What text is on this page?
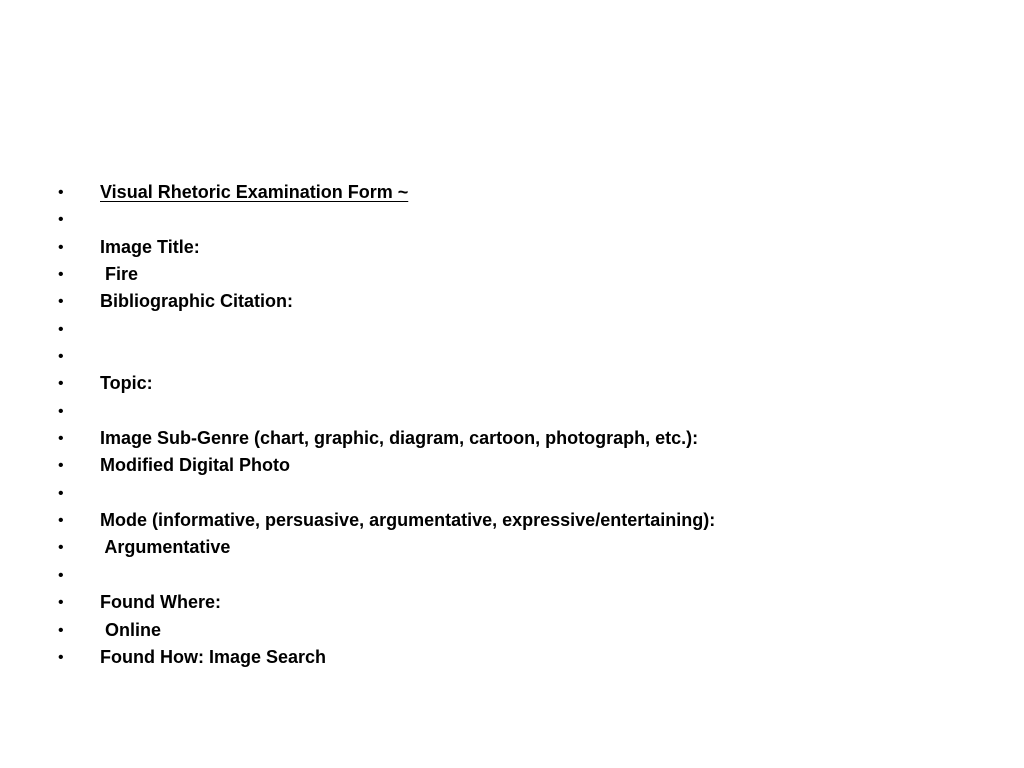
•

	Visual Rhetoric Examination Form ~

•

•

	Image Title:

•

	Fire

•

	Bibliographic Citation:

•

•

•

	Topic:

•

•

	Image Sub-Genre (chart, graphic, diagram, cartoon, photograph, etc.):

•

	Modified Digital Photo

•

•

	Mode (informative, persuasive, argumentative, expressive/entertaining):

•

	Argumentative

•

•

	Found Where:

•

	Online

•

	Found How: Image Search
